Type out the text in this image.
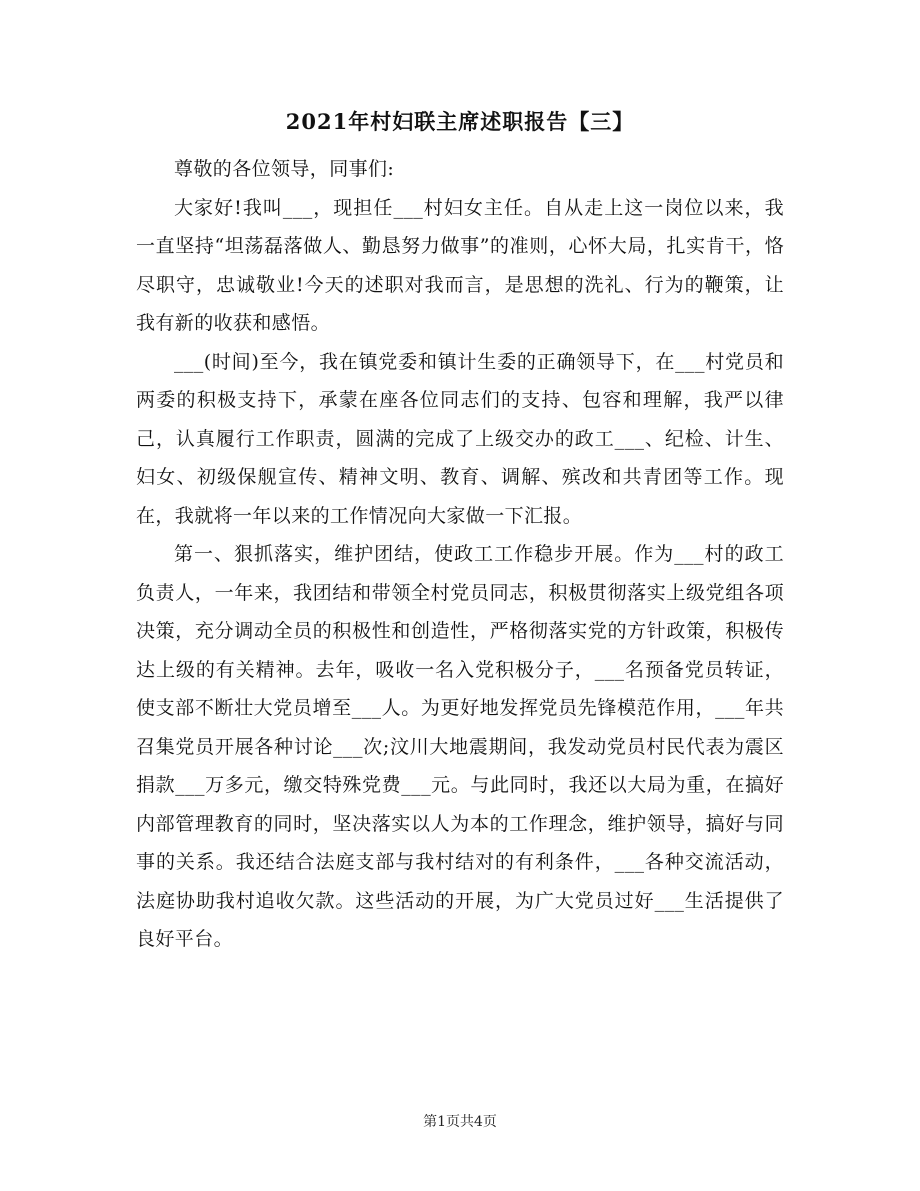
2021年村妇联主席述职报告【三】

尊敬的各位领导，同事们:

大家好!我叫___，现担任___村妇女主任。自从走上这一岗位以来，我一直坚持“坦荡磊落做人、勤恳努力做事”的准则，心怀大局，扎实肯干，恪尽职守，忠诚敬业!今天的述职对我而言，是思想的洗礼、行为的鞭策，让我有新的收获和感悟。

___(时间)至今，我在镇党委和镇计生委的正确领导下，在___村党员和两委的积极支持下，承蒙在座各位同志们的支持、包容和理解，我严以律己，认真履行工作职责，圆满的完成了上级交办的政工___、纪检、计生、妇女、初级保舰宣传、精神文明、教育、调解、殡改和共青团等工作。现在，我就将一年以来的工作情况向大家做一下汇报。

第一、狠抓落实，维护团结，使政工工作稳步开展。作为___村的政工负责人，一年来，我团结和带领全村党员同志，积极贯彻落实上级党组各项决策，充分调动全员的积极性和创造性，严格彻落实党的方针政策，积极传达上级的有关精神。去年，吸收一名入党积极分子，___名预备党员转证，使支部不断壮大党员增至___人。为更好地发挥党员先锋模范作用，___年共召集党员开展各种讨论___次;汶川大地震期间，我发动党员村民代表为震区捐款___万多元，缴交特殊党费___元。与此同时，我还以大局为重，在搞好内部管理教育的同时，坚决落实以人为本的工作理念，维护领导，搞好与同事的关系。我还结合法庭支部与我村结对的有利条件，___各种交流活动，法庭协助我村追收欠款。这些活动的开展，为广大党员过好___生活提供了良好平台。

第1页共4页
